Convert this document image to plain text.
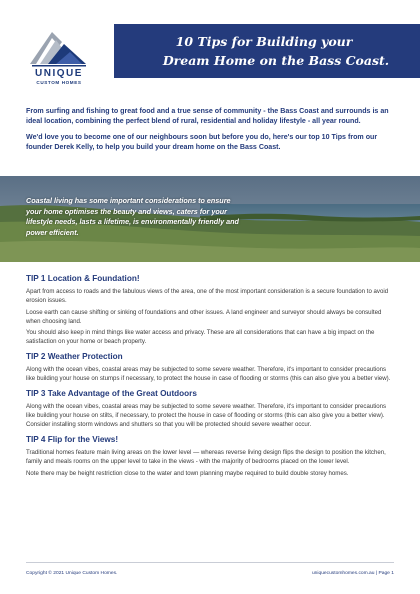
UNIQUE
CUSTOM HOMES
10 Tips for Building your
Dream Home on the Bass Coast.

From surfing and fishing to great food and a true sense of community - the Bass Coast and surrounds is an ideal location, combining the perfect blend of rural, residential and holiday lifestyle - all year round.

We'd love you to become one of our neighbours soon but before you do, here's our top 10 Tips from our founder Derek Kelly, to help you build your dream home on the Bass Coast.

Coastal living has some important considerations to ensure your home optimises the beauty and views, caters for your lifestyle needs, lasts a lifetime, is environmentally friendly and power efficient.
TIP 1 Location & Foundation!

Apart from access to roads and the fabulous views of the area, one of the most important consideration is a secure foundation to avoid erosion issues.

Loose earth can cause shifting or sinking of foundations and other issues. A land engineer and surveyor should always be consulted when choosing land.

You should also keep in mind things like water access and privacy. These are all considerations that can have a big impact on the satisfaction on your home or beach property.

TIP 2 Weather Protection

Along with the ocean vibes, coastal areas may be subjected to some severe weather. Therefore, it's important to consider precautions like building your house on stumps if necessary, to protect the house in case of flooding or storms (this can also give you a better view).

TIP 3 Take Advantage of the Great Outdoors

Along with the ocean vibes, coastal areas may be subjected to some severe weather. Therefore, it's important to consider precautions like building your house on stilts, if necessary, to protect the house in case of flooding or storms (this can also give you a better view). Consider installing storm windows and shutters so that you will be protected should severe weather occur.

TIP 4 Flip for the Views!

Traditional homes feature main living areas on the lower level — whereas reverse living design flips the design to position the kitchen, family and meals rooms on the upper level to take in the views - with the majority of bedrooms placed on the lower level.

Note there may be height restriction close to the water and town planning maybe required to build double storey homes.

Copyright © 2021 Unique Custom Homes.	uniquecustomhomes.com.au | Page 1
